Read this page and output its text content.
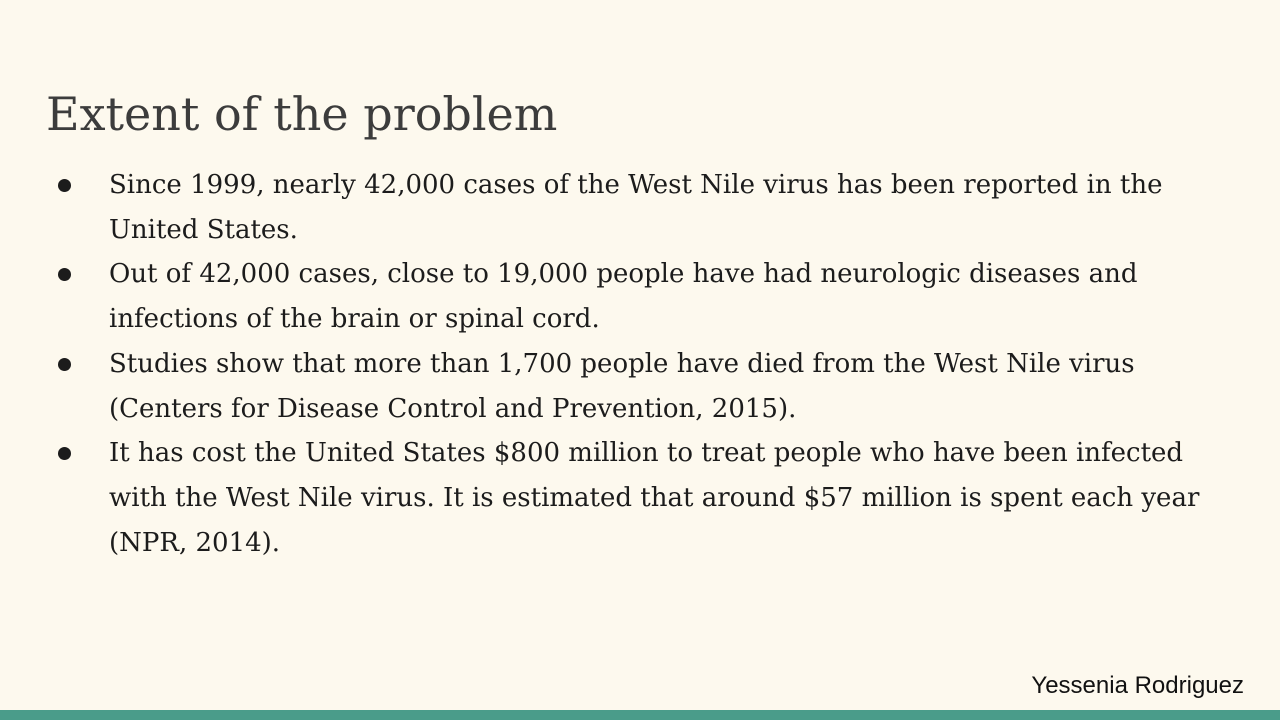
Extent of the problem
Since 1999, nearly 42,000 cases of the West Nile virus has been reported in the United States.
Out of 42,000 cases, close to 19,000 people have had neurologic diseases and infections of the brain or spinal cord.
Studies show that more than 1,700 people have died from the West Nile virus (Centers for Disease Control and Prevention, 2015).
It has cost the United States $800 million to treat people who have been infected with the West Nile virus. It is estimated that around $57 million is spent each year (NPR, 2014).
Yessenia Rodriguez
